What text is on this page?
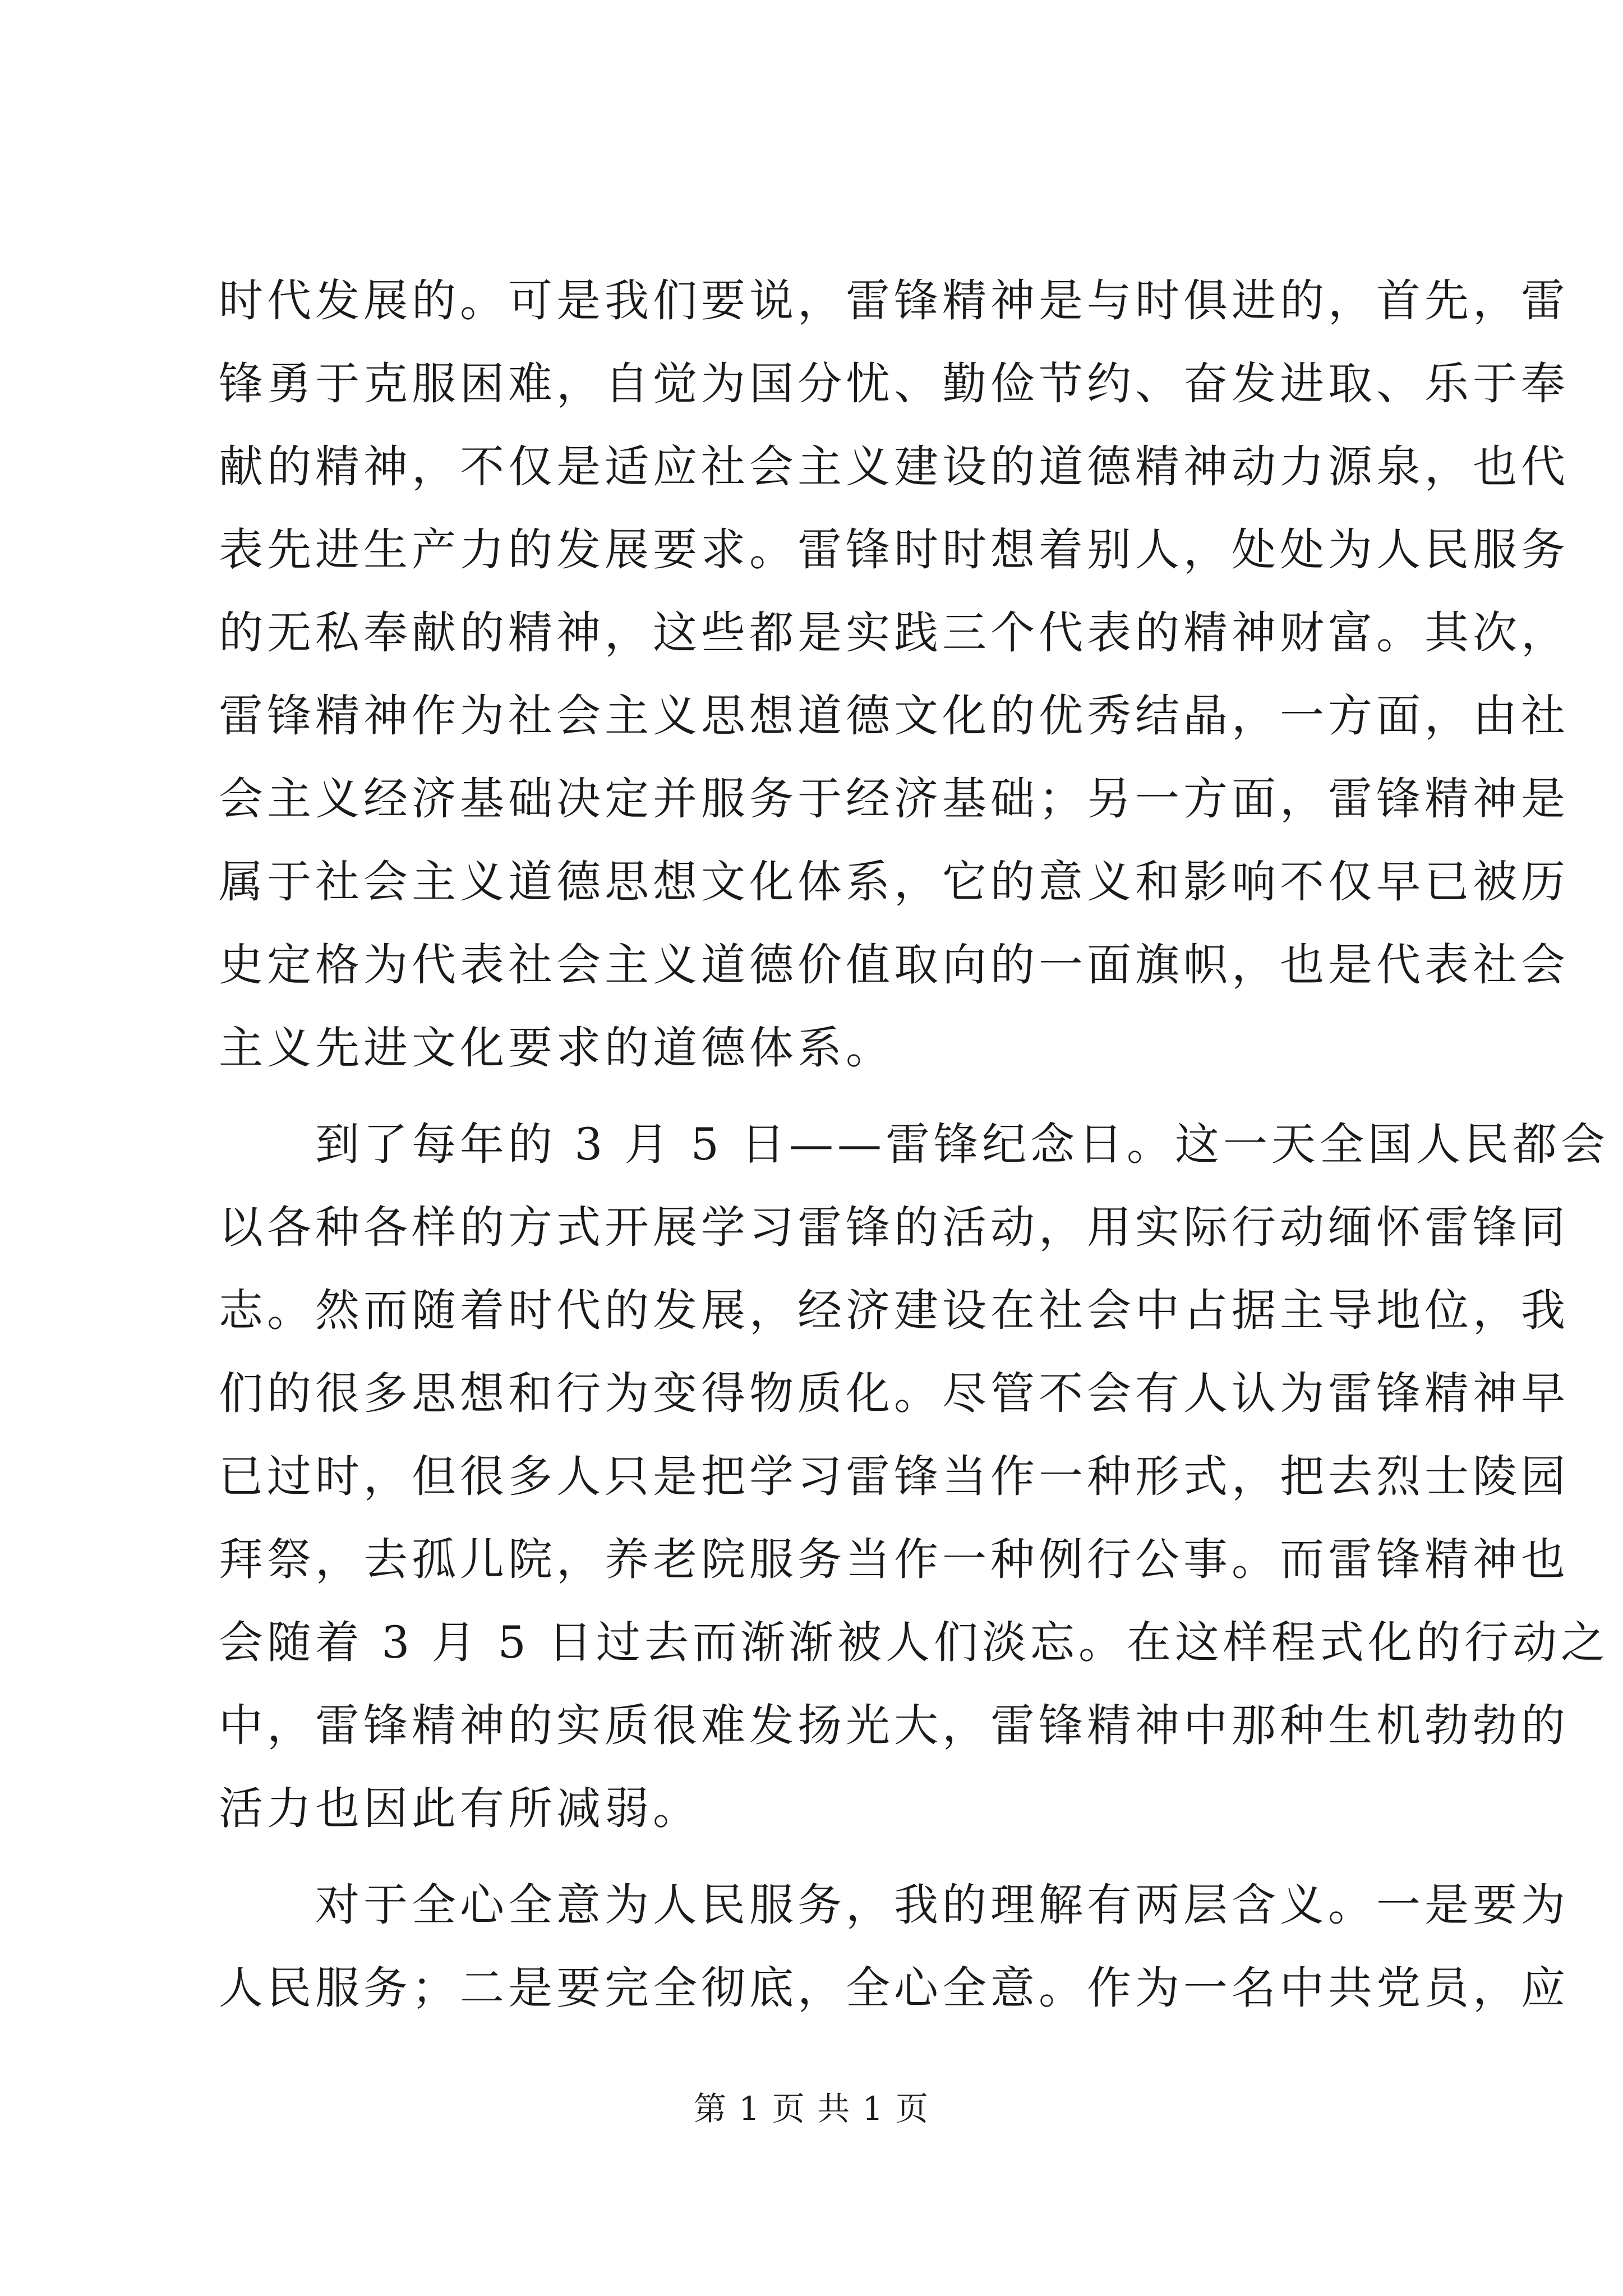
时代发展的。可是我们要说，雷锋精神是与时俱进的，首先，雷
锋勇于克服困难，自觉为国分忧、勤俭节约、奋发进取、乐于奉
献的精神，不仅是适应社会主义建设的道德精神动力源泉，也代
表先进生产力的发展要求。雷锋时时想着别人，处处为人民服务
的无私奉献的精神，这些都是实践三个代表的精神财富。其次，
雷锋精神作为社会主义思想道德文化的优秀结晶，一方面，由社
会主义经济基础决定并服务于经济基础；另一方面，雷锋精神是
属于社会主义道德思想文化体系，它的意义和影响不仅早已被历
史定格为代表社会主义道德价值取向的一面旗帜，也是代表社会
主义先进文化要求的道德体系。
到了每年的 3 月 5 日——雷锋纪念日。这一天全国人民都会
以各种各样的方式开展学习雷锋的活动，用实际行动缅怀雷锋同
志。然而随着时代的发展，经济建设在社会中占据主导地位，我
们的很多思想和行为变得物质化。尽管不会有人认为雷锋精神早
已过时，但很多人只是把学习雷锋当作一种形式，把去烈士陵园
拜祭，去孤儿院，养老院服务当作一种例行公事。而雷锋精神也
会随着 3 月 5 日过去而渐渐被人们淡忘。在这样程式化的行动之
中，雷锋精神的实质很难发扬光大，雷锋精神中那种生机勃勃的
活力也因此有所减弱。
对于全心全意为人民服务，我的理解有两层含义。一是要为
人民服务；二是要完全彻底，全心全意。作为一名中共党员，应
第 1 页 共 1 页
